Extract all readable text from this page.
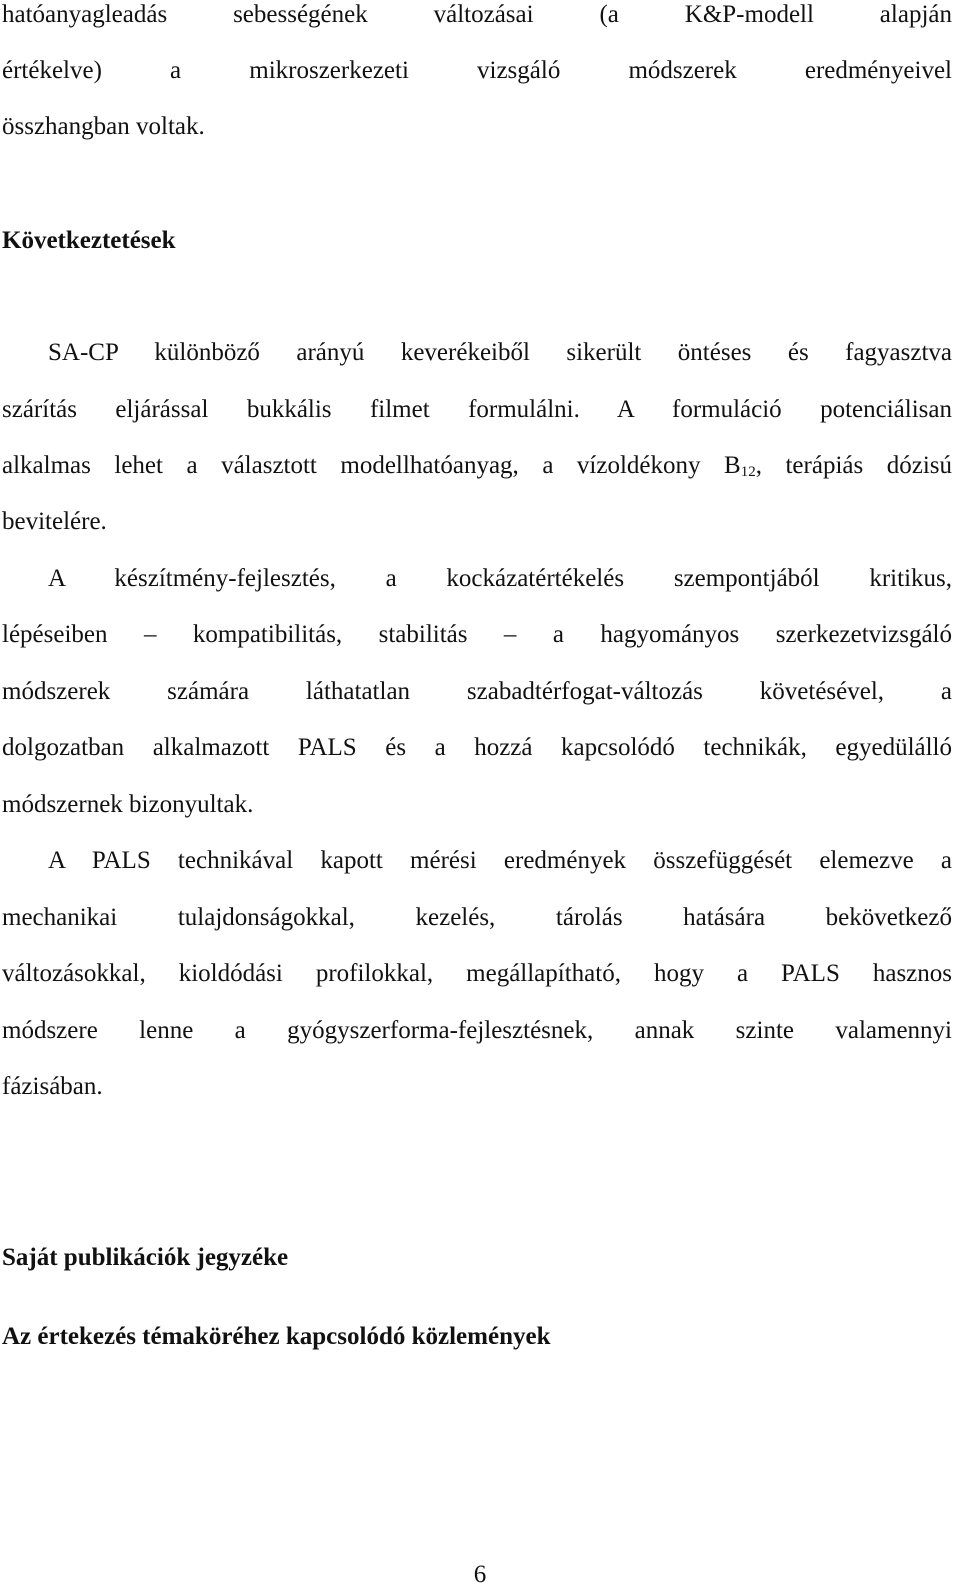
hatóanyagleadás sebességének változásai (a K&P-modell alapján
értékelve) a mikroszerkezeti vizsgáló módszerek eredményeivel
összhangban voltak.
Következtetések
SA-CP különböző arányú keverékeiből sikerült öntéses és fagyasztva
szárítás eljárással bukkális filmet formulálni. A formuláció potenciálisan
alkalmas lehet a választott modellhatóanyag, a vízoldékony $B_{12}$, terápiás dózisú
bevitelére.
A készítmény-fejlesztés, a kockázatértékelés szempontjából kritikus,
lépéseiben – kompatibilitás, stabilitás – a hagyományos szerkezetvizsgáló
módszerek számára láthatatlan szabadtérfogat-változás követésével, a
dolgozatban alkalmazott PALS és a hozzá kapcsolódó technikák, egyedülálló
módszernek bizonyultak.
A PALS technikával kapott mérési eredmények összefüggését elemezve a
mechanikai tulajdonságokkal, kezelés, tárolás hatására bekövetkező
változásokkal, kioldódási profilokkal, megállapítható, hogy a PALS hasznos
módszere lenne a gyógyszerforma-fejlesztésnek, annak szinte valamennyi
fázisában.
Saját publikációk jegyzéke
Az értekezés témaköréhez kapcsolódó közlemények
6
